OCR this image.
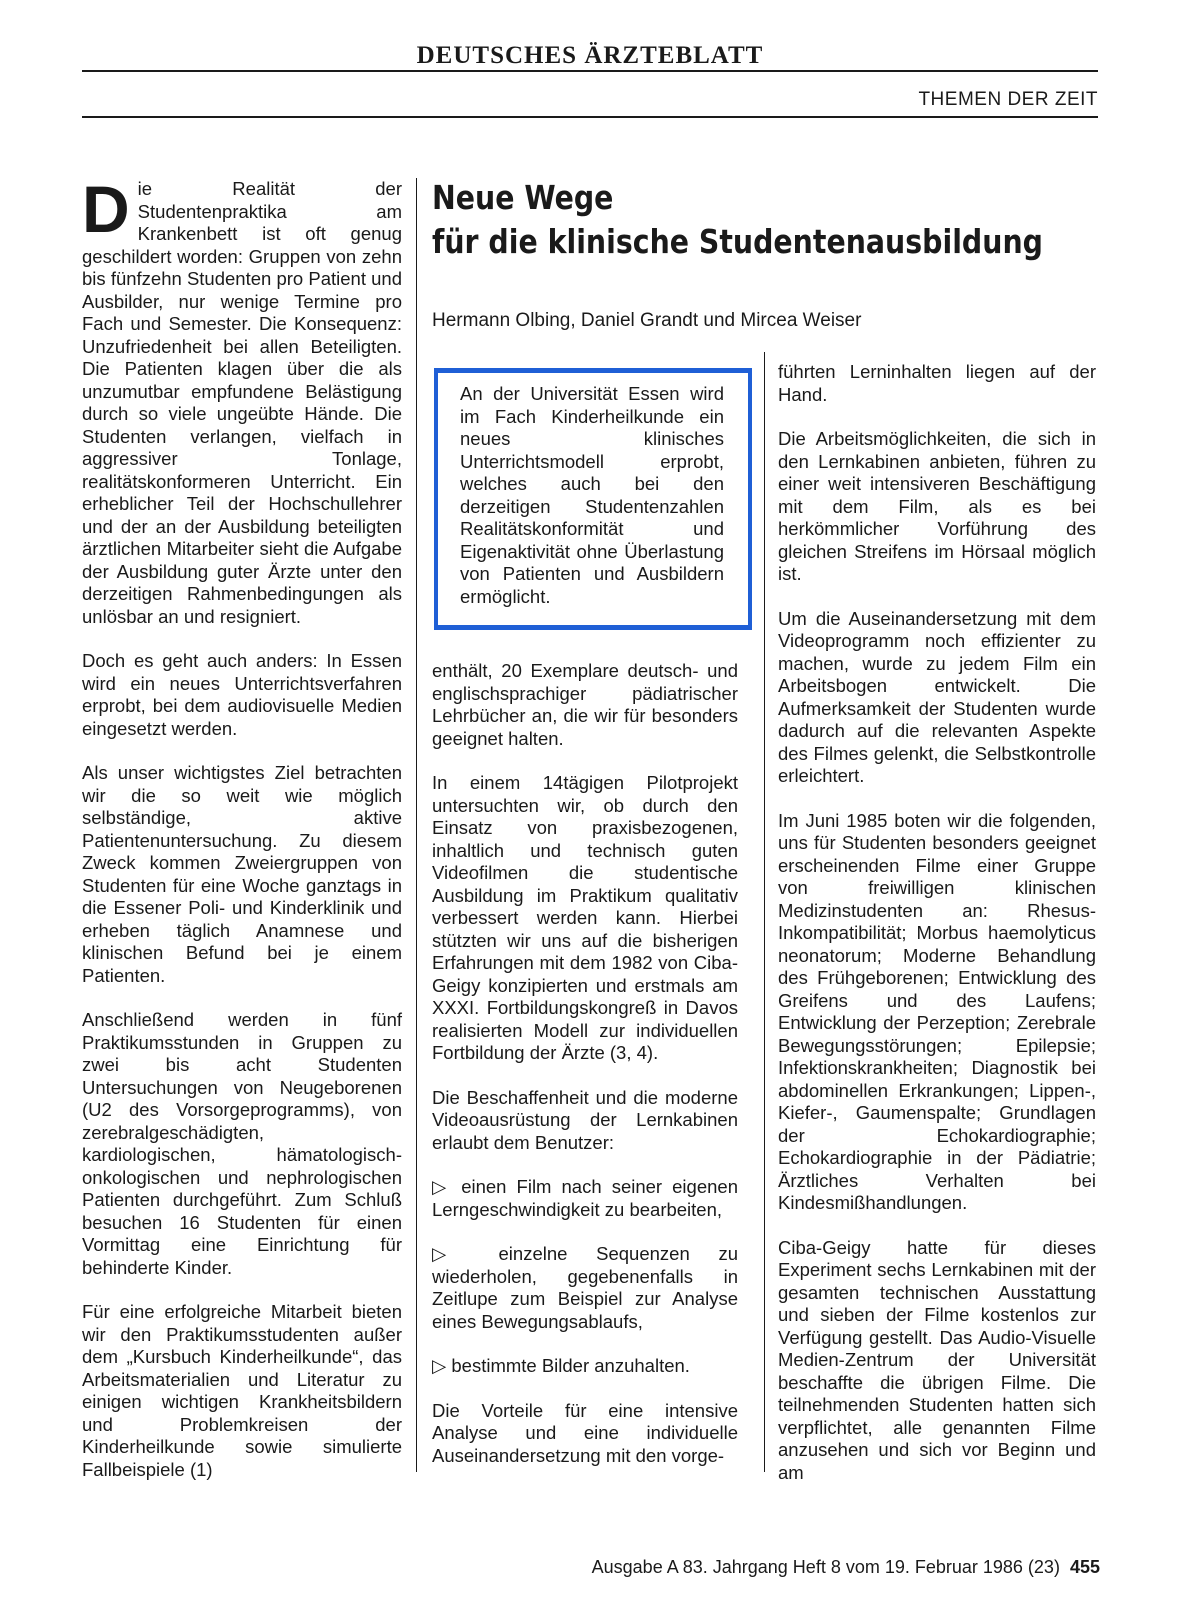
DEUTSCHES ÄRZTEBLATT
THEMEN DER ZEIT

Die Realität der Studentenpraktika am Krankenbett ist oft genug geschildert worden: Gruppen von zehn bis fünfzehn Studenten pro Patient und Ausbilder, nur wenige Termine pro Fach und Semester. Die Konsequenz: Unzufriedenheit bei allen Beteiligten. Die Patienten klagen über die als unzumutbar empfundene Belästigung durch so viele ungeübte Hände. Die Studenten verlangen, vielfach in aggressiver Tonlage, realitätskonformeren Unterricht. Ein erheblicher Teil der Hochschullehrer und der an der Ausbildung beteiligten ärztlichen Mitarbeiter sieht die Aufgabe der Ausbildung guter Ärzte unter den derzeitigen Rahmenbedingungen als unlösbar an und resigniert.

Doch es geht auch anders: In Essen wird ein neues Unterrichtsverfahren erprobt, bei dem audiovisuelle Medien eingesetzt werden.

Als unser wichtigstes Ziel betrachten wir die so weit wie möglich selbständige, aktive Patientenuntersuchung. Zu diesem Zweck kommen Zweiergruppen von Studenten für eine Woche ganztags in die Essener Poli- und Kinderklinik und erheben täglich Anamnese und klinischen Befund bei je einem Patienten.

Anschließend werden in fünf Praktikumsstunden in Gruppen zu zwei bis acht Studenten Untersuchungen von Neugeborenen (U2 des Vorsorgeprogramms), von zerebralgeschädigten, kardiologischen, hämatologisch-onkologischen und nephrologischen Patienten durchgeführt. Zum Schluß besuchen 16 Studenten für einen Vormittag eine Einrichtung für behinderte Kinder.

Für eine erfolgreiche Mitarbeit bieten wir den Praktikumsstudenten außer dem „Kursbuch Kinderheilkunde“, das Arbeitsmaterialien und Literatur zu einigen wichtigen Krankheitsbildern und Problemkreisen der Kinderheilkunde sowie simulierte Fallbeispiele (1)

Neue Wege
für die klinische Studentenausbildung
Hermann Olbing, Daniel Grandt und Mircea Weiser

An der Universität Essen wird im Fach Kinderheilkunde ein neues klinisches Unterrichtsmodell erprobt, welches auch bei den derzeitigen Studentenzahlen Realitätskonformität und Eigenaktivität ohne Überlastung von Patienten und Ausbildern ermöglicht.

enthält, 20 Exemplare deutsch- und englischsprachiger pädiatrischer Lehrbücher an, die wir für besonders geeignet halten.

In einem 14tägigen Pilotprojekt untersuchten wir, ob durch den Einsatz von praxisbezogenen, inhaltlich und technisch guten Videofilmen die studentische Ausbildung im Praktikum qualitativ verbessert werden kann. Hierbei stützten wir uns auf die bisherigen Erfahrungen mit dem 1982 von Ciba-Geigy konzipierten und erstmals am XXXI. Fortbildungskongreß in Davos realisierten Modell zur individuellen Fortbildung der Ärzte (3, 4).

Die Beschaffenheit und die moderne Videoausrüstung der Lernkabinen erlaubt dem Benutzer:

▷ einen Film nach seiner eigenen Lerngeschwindigkeit zu bearbeiten,

▷ einzelne Sequenzen zu wiederholen, gegebenenfalls in Zeitlupe zum Beispiel zur Analyse eines Bewegungsablaufs,

▷ bestimmte Bilder anzuhalten.

Die Vorteile für eine intensive Analyse und eine individuelle Auseinandersetzung mit den vorge-

führten Lerninhalten liegen auf der Hand.

Die Arbeitsmöglichkeiten, die sich in den Lernkabinen anbieten, führen zu einer weit intensiveren Beschäftigung mit dem Film, als es bei herkömmlicher Vorführung des gleichen Streifens im Hörsaal möglich ist.

Um die Auseinandersetzung mit dem Videoprogramm noch effizienter zu machen, wurde zu jedem Film ein Arbeitsbogen entwickelt. Die Aufmerksamkeit der Studenten wurde dadurch auf die relevanten Aspekte des Filmes gelenkt, die Selbstkontrolle erleichtert.

Im Juni 1985 boten wir die folgenden, uns für Studenten besonders geeignet erscheinenden Filme einer Gruppe von freiwilligen klinischen Medizinstudenten an: Rhesus-Inkompatibilität; Morbus haemolyticus neonatorum; Moderne Behandlung des Frühgeborenen; Entwicklung des Greifens und des Laufens; Entwicklung der Perzeption; Zerebrale Bewegungsstörungen; Epilepsie; Infektionskrankheiten; Diagnostik bei abdominellen Erkrankungen; Lippen-, Kiefer-, Gaumenspalte; Grundlagen der Echokardiographie; Echokardiographie in der Pädiatrie; Ärztliches Verhalten bei Kindesmißhandlungen.

Ciba-Geigy hatte für dieses Experiment sechs Lernkabinen mit der gesamten technischen Ausstattung und sieben der Filme kostenlos zur Verfügung gestellt. Das Audio-Visuelle Medien-Zentrum der Universität beschaffte die übrigen Filme. Die teilnehmenden Studenten hatten sich verpflichtet, alle genannten Filme anzusehen und sich vor Beginn und am

Ausgabe A 83. Jahrgang Heft 8 vom 19. Februar 1986 (23) 455
